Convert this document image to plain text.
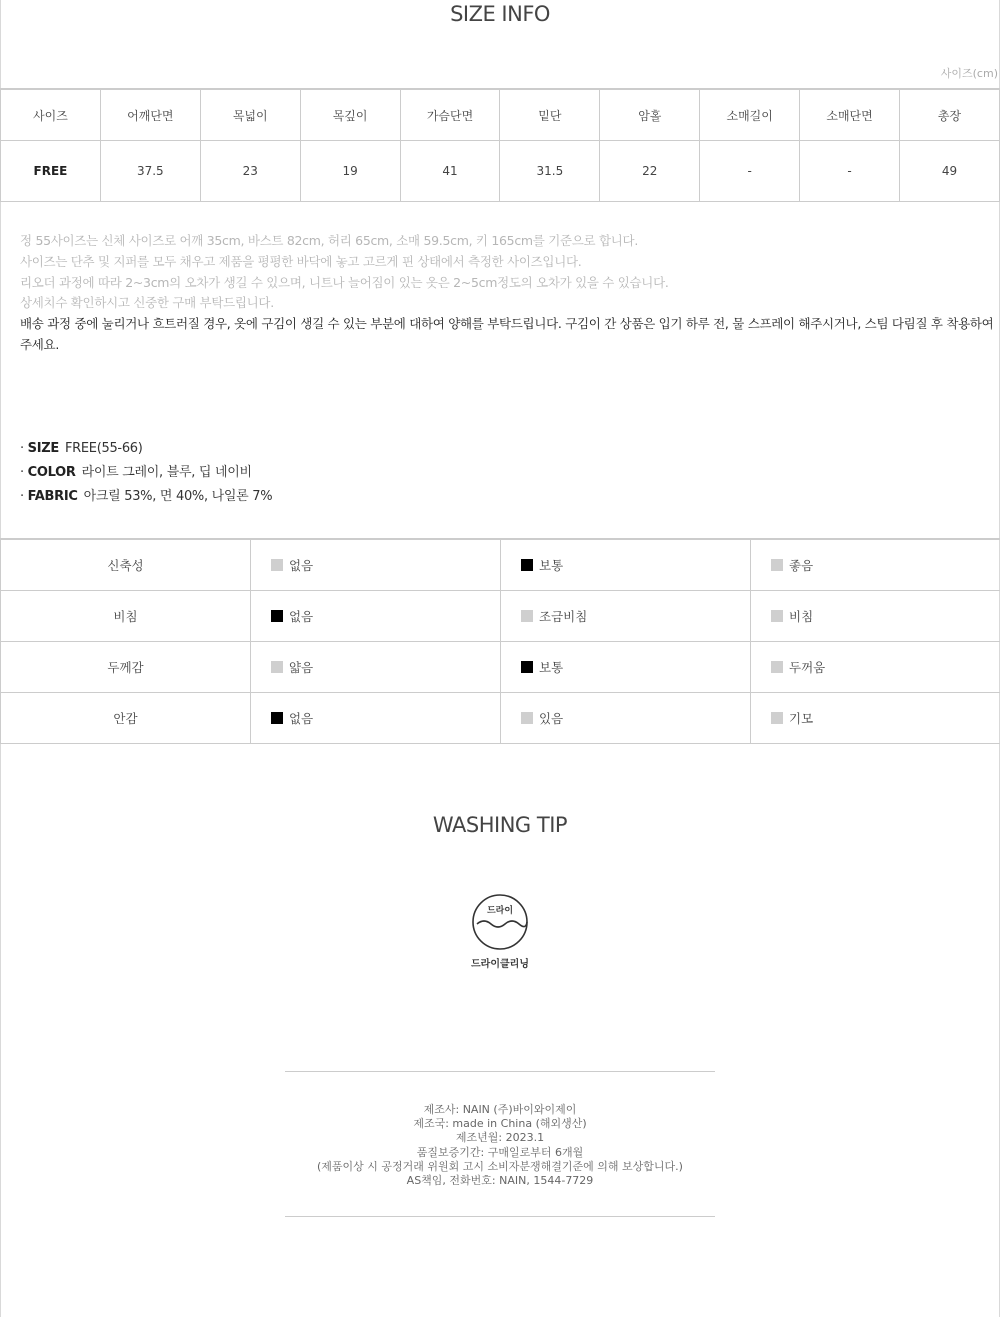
SIZE INFO
사이즈(cm)
사이즈	어깨단면	목넓이	목깊이	가슴단면	밑단	암홀	소매길이	소매단면	총장
FREE	37.5	23	19	41	31.5	22	-	-	49
정 55사이즈는 신체 사이즈로 어깨 35cm, 바스트 82cm, 허리 65cm, 소매 59.5cm, 키 165cm를 기준으로 합니다.
사이즈는 단추 및 지퍼를 모두 채우고 제품을 평평한 바닥에 놓고 고르게 핀 상태에서 측정한 사이즈입니다.
리오더 과정에 따라 2~3cm의 오차가 생길 수 있으며, 니트나 늘어짐이 있는 옷은 2~5cm정도의 오차가 있을 수 있습니다.
상세치수 확인하시고 신중한 구매 부탁드립니다.
배송 과정 중에 눌리거나 흐트러질 경우, 옷에 구김이 생길 수 있는 부분에 대하여 양해를 부탁드립니다. 구김이 간 상품은 입기 하루 전, 물 스프레이 해주시거나, 스팀 다림질 후 착용하여주세요.
· SIZE FREE(55-66)
· COLOR 라이트 그레이, 블루, 딥 네이비
· FABRIC 아크릴 53%, 면 40%, 나일론 7%
신축성	없음	보통	좋음
비침	없음	조금비침	비침
두께감	얇음	보통	두꺼움
안감	없음	있음	기모
WASHING TIP
드라이
드라이클리닝
제조사: NAIN (주)바이와이제이
제조국: made in China (해외생산)
제조년월: 2023.1
품질보증기간: 구매일로부터 6개월
(제품이상 시 공정거래 위원회 고시 소비자분쟁해결기준에 의해 보상합니다.)
AS책임, 전화번호: NAIN, 1544-7729
